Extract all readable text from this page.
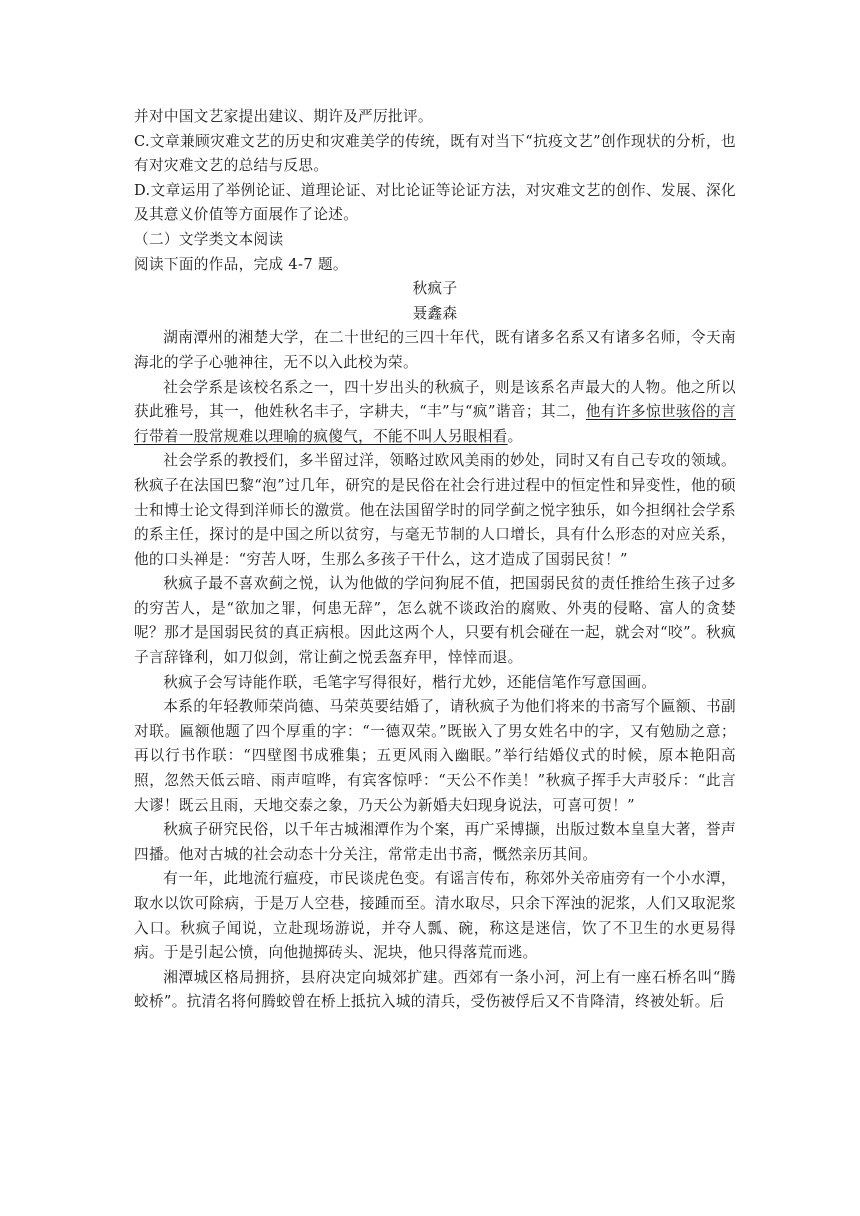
并对中国文艺家提出建议、期许及严厉批评。

C.文章兼顾灾难文艺的历史和灾难美学的传统，既有对当下“抗疫文艺”创作现状的分析，也有对灾难文艺的总结与反思。

D.文章运用了举例论证、道理论证、对比论证等论证方法，对灾难文艺的创作、发展、深化及其意义价值等方面展作了论述。

（二）文学类文本阅读

阅读下面的作品，完成 4-7 题。

秋疯子

聂鑫森

湖南潭州的湘楚大学，在二十世纪的三四十年代，既有诸多名系又有诸多名师，令天南海北的学子心驰神往，无不以入此校为荣。

社会学系是该校名系之一，四十岁出头的秋疯子，则是该系名声最大的人物。他之所以获此雅号，其一，他姓秋名丰子，字耕夫，“丰”与“疯”谐音；其二，他有许多惊世骇俗的言行带着一股常规难以理喻的疯傻气，不能不叫人另眼相看。

社会学系的教授们，多半留过洋，领略过欧风美雨的妙处，同时又有自己专攻的领域。秋疯子在法国巴黎“泡”过几年，研究的是民俗在社会行进过程中的恒定性和异变性，他的硕士和博士论文得到洋师长的激赏。他在法国留学时的同学蓟之悦字独乐，如今担纲社会学系的系主任，探讨的是中国之所以贫穷，与毫无节制的人口增长，具有什么形态的对应关系，他的口头禅是：“穷苦人呀，生那么多孩子干什么，这才造成了国弱民贫！”

秋疯子最不喜欢蓟之悦，认为他做的学问狗屁不值，把国弱民贫的责任推给生孩子过多的穷苦人，是“欲加之罪，何患无辞”，怎么就不谈政治的腐败、外夷的侵略、富人的贪婪呢？那才是国弱民贫的真正病根。因此这两个人，只要有机会碰在一起，就会对“咬”。秋疯子言辞锋利，如刀似剑，常让蓟之悦丢盔弃甲，悻悻而退。

秋疯子会写诗能作联，毛笔字写得很好，楷行尤妙，还能信笔作写意国画。

本系的年轻教师荣尚德、马荣英要结婚了，请秋疯子为他们将来的书斋写个匾额、书副对联。匾额他题了四个厚重的字：“一德双荣。”既嵌入了男女姓名中的字，又有勉励之意；再以行书作联：“四壁图书成雅集；五更风雨入幽眠。”举行结婚仪式的时候，原本艳阳高照，忽然天低云暗、雨声喧哗，有宾客惊呼：“天公不作美！”秋疯子挥手大声驳斥：“此言大谬！既云且雨，天地交泰之象，乃天公为新婚夫妇现身说法，可喜可贺！”

秋疯子研究民俗，以千年古城湘潭作为个案，再广采博撷，出版过数本皇皇大著，誉声四播。他对古城的社会动态十分关注，常常走出书斋，慨然亲历其间。

有一年，此地流行瘟疫，市民谈虎色变。有谣言传布，称郊外关帝庙旁有一个小水潭，取水以饮可除病，于是万人空巷，接踵而至。清水取尽，只余下浑浊的泥浆，人们又取泥浆入口。秋疯子闻说，立赴现场游说，并夺人瓢、碗，称这是迷信，饮了不卫生的水更易得病。于是引起公愤，向他抛掷砖头、泥块，他只得落荒而逃。

湘潭城区格局拥挤，县府决定向城郊扩建。西郊有一条小河，河上有一座石桥名叫“腾蛟桥”。抗清名将何腾蛟曾在桥上抵抗入城的清兵，受伤被俘后又不肯降清，终被处斩。后
